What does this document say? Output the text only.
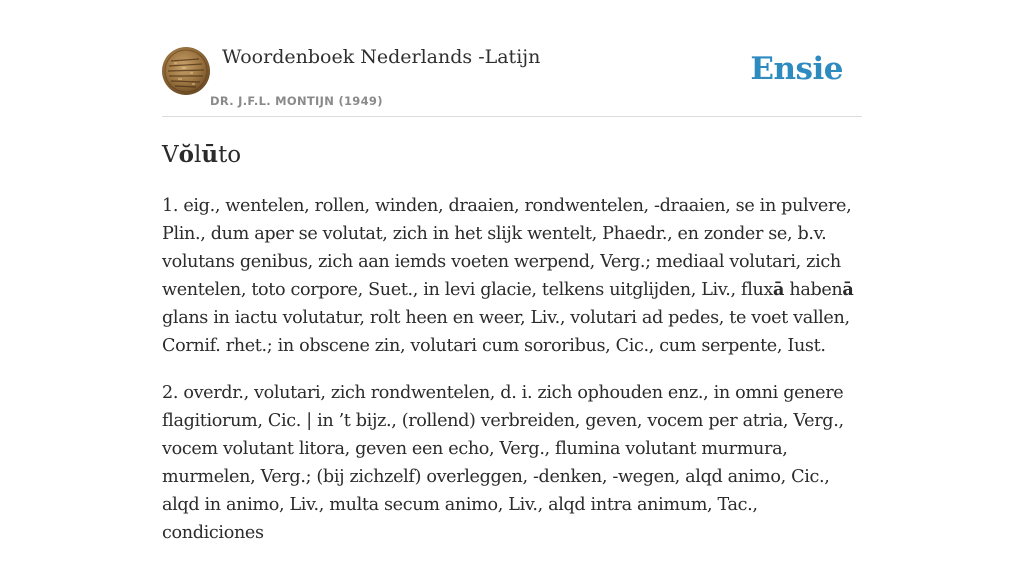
Woordenboek Nederlands -Latijn
DR. J.F.L. MONTIJN (1949)
Ensie
Vŏlūto

1. eig., wentelen, rollen, winden, draaien, rondwentelen, -draaien, se in pulvere, Plin., dum aper se volutat, zich in het slijk wentelt, Phaedr., en zonder se, b.v. volutans genibus, zich aan iemds voeten werpend, Verg.; mediaal volutari, zich wentelen, toto corpore, Suet., in levi glacie, telkens uitglijden, Liv., fluxā habenā glans in iactu volutatur, rolt heen en weer, Liv., volutari ad pedes, te voet vallen, Cornif. rhet.; in obscene zin, volutari cum sororibus, Cic., cum serpente, Iust.

2. overdr., volutari, zich rondwentelen, d. i. zich ophouden enz., in omni genere flagitiorum, Cic. | in ’t bijz., (rollend) verbreiden, geven, vocem per atria, Verg., vocem volutant litora, geven een echo, Verg., flumina volutant murmura, murmelen, Verg.; (bij zichzelf) overleggen, -denken, -wegen, alqd animo, Cic., alqd in animo, Liv., multa secum animo, Liv., alqd intra animum, Tac., condiciones
